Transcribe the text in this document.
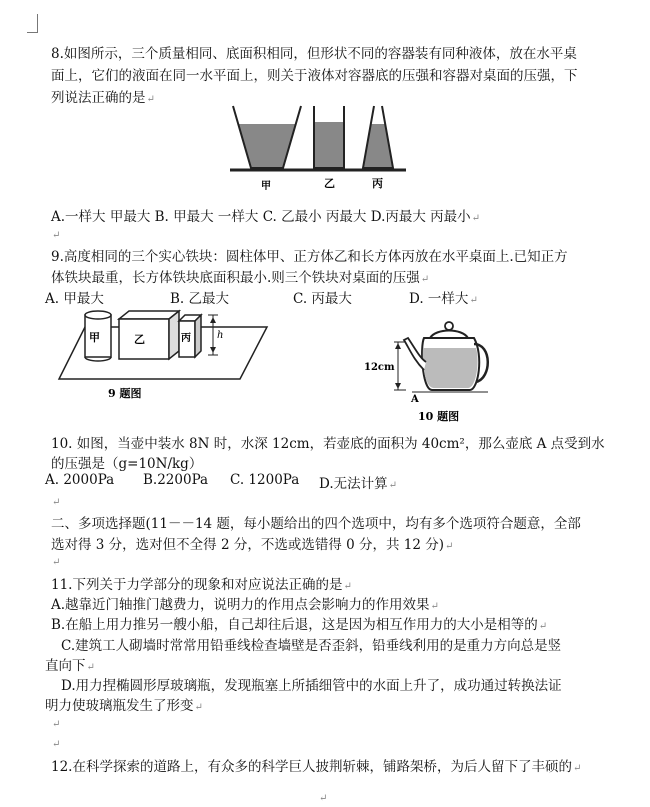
8.如图所示，三个质量相同、底面积相同，但形状不同的容器装有同种液体，放在水平桌
面上，它们的液面在同一水平面上，则关于液体对容器底的压强和容器对桌面的压强，下
列说法正确的是↵
甲	乙	丙
A.一样大 甲最大 B. 甲最大 一样大 C. 乙最小 丙最大 D.丙最大 丙最小↵
↵
9.高度相同的三个实心铁块：圆柱体甲、正方体乙和长方体丙放在水平桌面上.已知正方
体铁块最重，长方体铁块底面积最小.则三个铁块对桌面的压强↵
A. 甲最大	B. 乙最大	C. 丙最大	D. 一样大↵
甲	乙	丙	h
9 题图
12cm
A
10 题图
10. 如图，当壶中装水 8N 时，水深 12cm，若壶底的面积为 40cm²，那么壶底 A 点受到水
的压强是（g=10N/kg）
A. 2000Pa B.2200Pa C. 1200Pa D.无法计算↵
↵
二、多项选择题(11－－14 题，每小题给出的四个选项中，均有多个选项符合题意，全部
选对得 3 分，选对但不全得 2 分，不选或选错得 0 分，共 12 分)↵
↵
11.下列关于力学部分的现象和对应说法正确的是↵
A.越靠近门轴推门越费力，说明力的作用点会影响力的作用效果↵
B.在船上用力推另一艘小船，自己却往后退，这是因为相互作用力的大小是相等的↵
C.建筑工人砌墙时常常用铅垂线检查墙壁是否歪斜，铅垂线利用的是重力方向总是竖
直向下↵
D.用力捏椭圆形厚玻璃瓶，发现瓶塞上所插细管中的水面上升了，成功通过转换法证
明力使玻璃瓶发生了形变↵
↵
↵
12.在科学探索的道路上，有众多的科学巨人披荆斩棘，铺路架桥，为后人留下了丰硕的↵
↵
